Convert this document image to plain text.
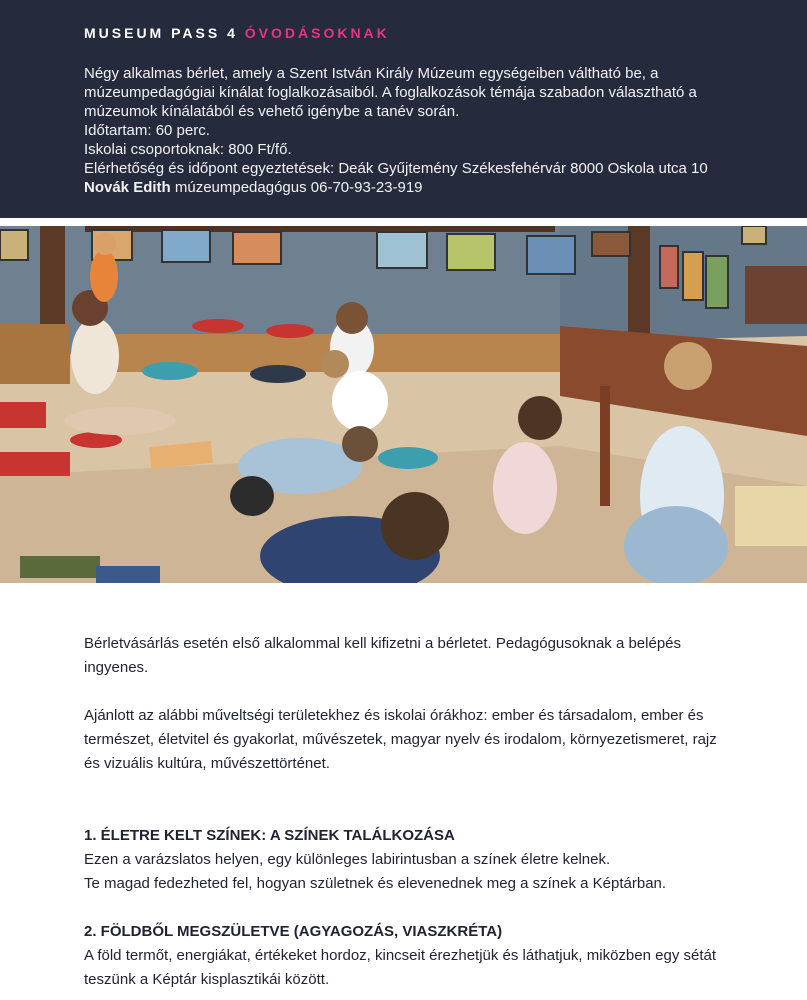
MUSEUM PASS 4 ÓVODÁSOKNAK

Négy alkalmas bérlet, amely a Szent István Király Múzeum egységeiben váltható be, a múzeumpedagógiai kínálat foglalkozásaiból. A foglalkozások témája szabadon választható a múzeumok kínálatából és vehető igénybe a tanév során.

Időtartam: 60 perc.

Iskolai csoportoknak: 800 Ft/fő.

Elérhetőség és időpont egyeztetések: Deák Gyűjtemény Székesfehérvár 8000 Oskola utca 10

Novák Edith múzeumpedagógus 06-70-93-23-919

Bérletvásárlás esetén első alkalommal kell kifizetni a bérletet. Pedagógusoknak a belépés ingyenes.

Ajánlott az alábbi műveltségi területekhez és iskolai órákhoz: ember és társadalom, ember és természet, életvitel és gyakorlat, művészetek, magyar nyelv és irodalom, környezetismeret, rajz és vizuális kultúra, művészettörténet.

1. ÉLETRE KELT SZÍNEK: A SZÍNEK TALÁLKOZÁSA

Ezen a varázslatos helyen, egy különleges labirintusban a színek életre kelnek.

Te magad fedezheted fel, hogyan születnek és elevenednek meg a színek a Képtárban.

2. FÖLDBŐL MEGSZÜLETVE (AGYAGOZÁS, VIASZKRÉTA)

A föld termőt, energiákat, értékeket hordoz, kincseit érezhetjük és láthatjuk, miközben egy sétát teszünk a Képtár kisplasztikái között.
